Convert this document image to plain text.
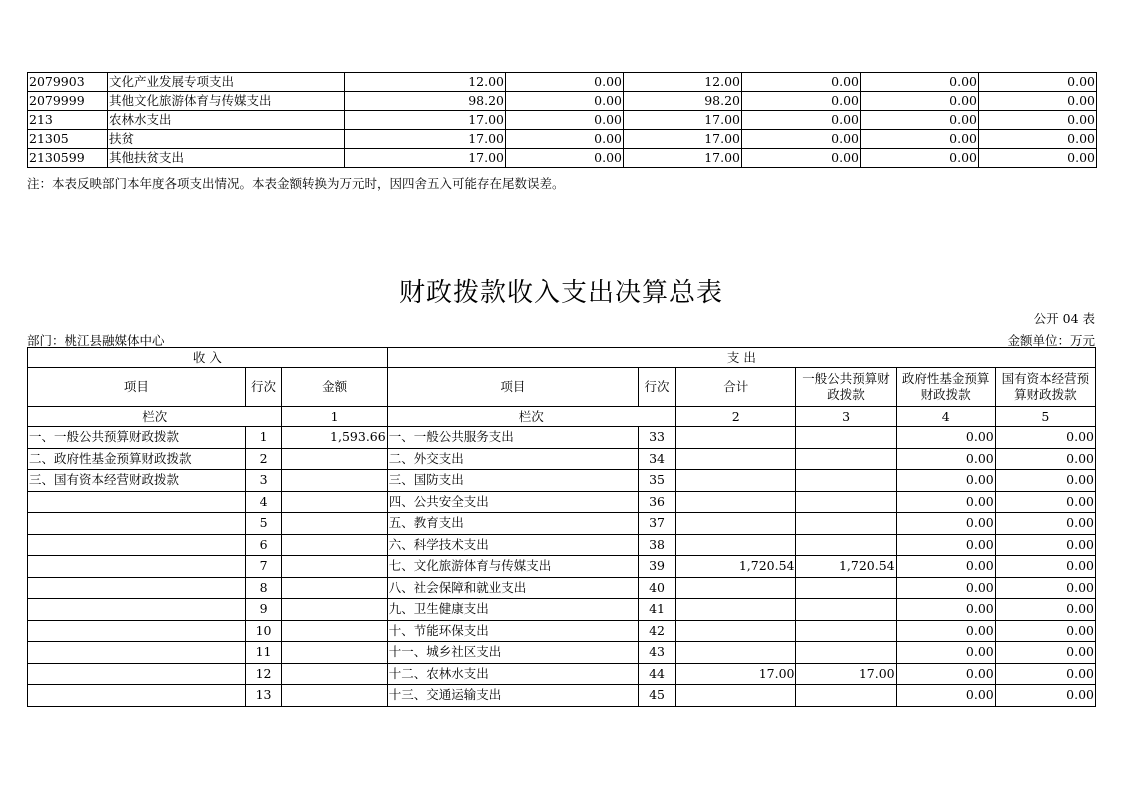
2079903	文化产业发展专项支出	12.00	0.00	12.00	0.00	0.00	0.00
2079999	其他文化旅游体育与传媒支出	98.20	0.00	98.20	0.00	0.00	0.00
213	农林水支出	17.00	0.00	17.00	0.00	0.00	0.00
21305	扶贫	17.00	0.00	17.00	0.00	0.00	0.00
2130599	其他扶贫支出	17.00	0.00	17.00	0.00	0.00	0.00
注：本表反映部门本年度各项支出情况。本表金额转换为万元时，因四舍五入可能存在尾数误差。
财政拨款收入支出决算总表
公开 04 表
部门：桃江县融媒体中心	金额单位：万元
收 入			支 出					
项目	行次	金额	项目	行次	合计	一般公共预算财政拨款	政府性基金预算财政拨款	国有资本经营预算财政拨款
栏次		1	栏次		2	3	4	5
一、一般公共预算财政拨款	1	1,593.66	一、一般公共服务支出	33			0.00	0.00
二、政府性基金预算财政拨款	2		二、外交支出	34			0.00	0.00
三、国有资本经营财政拨款	3		三、国防支出	35			0.00	0.00
	4		四、公共安全支出	36			0.00	0.00
	5		五、教育支出	37			0.00	0.00
	6		六、科学技术支出	38			0.00	0.00
	7		七、文化旅游体育与传媒支出	39	1,720.54	1,720.54	0.00	0.00
	8		八、社会保障和就业支出	40			0.00	0.00
	9		九、卫生健康支出	41			0.00	0.00
	10		十、节能环保支出	42			0.00	0.00
	11		十一、城乡社区支出	43			0.00	0.00
	12		十二、农林水支出	44	17.00	17.00	0.00	0.00
	13		十三、交通运输支出	45			0.00	0.00
